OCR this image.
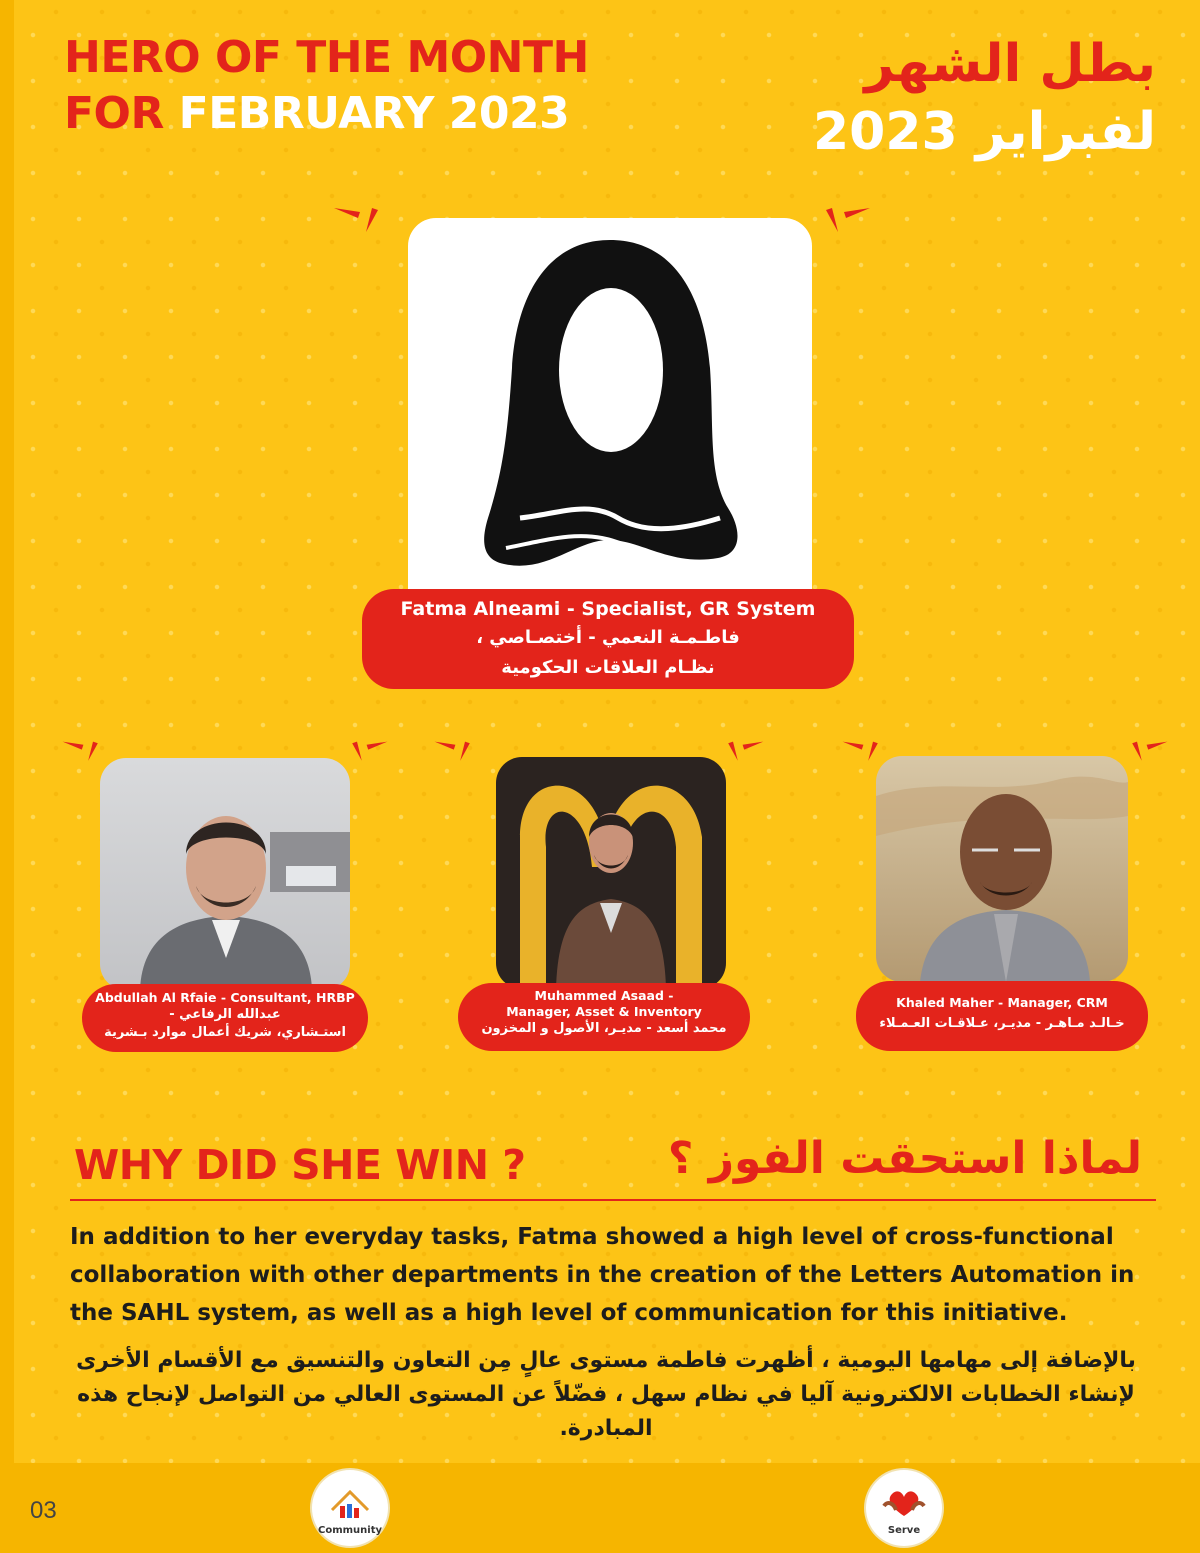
HERO OF THE MONTH
FOR FEBRUARY 2023
بطل الشهر
لفبراير 2023
Fatma Alneami - Specialist, GR System
فاطـمـة النعمي - أختصـاصي ،
نظـام العلاقات الحكومية
Abdullah Al Rfaie - Consultant, HRBP
عبدالله الرفاعي -
استـشاري، شريك أعمال موارد بـشرية
Muhammed Asaad -
Manager, Asset & Inventory
محمد أسعد - مديـر، الأصول و المخزون
Khaled Maher - Manager, CRM
خـالـد مـاهـر - مديـر، عـلاقـات العـمـلاء
WHY DID SHE WIN ?	لماذا استحقت الفوز ؟
In addition to her everyday tasks, Fatma showed a high level of cross-functional collaboration with other departments in the creation of the Letters Automation in the SAHL system, as well as a high level of communication for this initiative.
بالإضافة إلى مهامها اليومية ، أظهرت فاطمة مستوى عالٍ مِن التعاون والتنسيق مع الأقسام الأخرى لإنشاء الخطابات الالكترونية آليا في نظام سهل ، فضّلاً عن المستوى العالي من التواصل لإنجاح هذه المبادرة.
03
Community	Serve
